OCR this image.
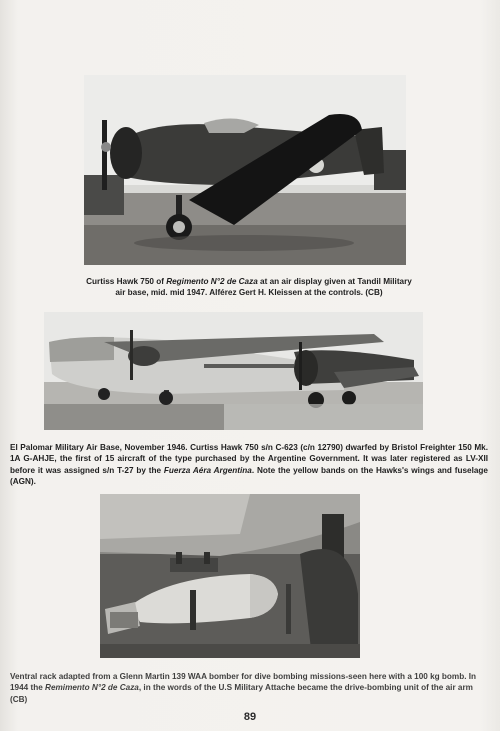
Curtiss Hawk 750 of Regimento N°2 de Caza at an air display given at Tandil Military air base, mid. mid 1947. Alférez Gert H. Kleissen at the controls. (CB)

El Palomar Military Air Base, November 1946. Curtiss Hawk 750 s/n C-623 (c/n 12790) dwarfed by Bristol Freighter 150 Mk. 1A G-AHJE, the first of 15 aircraft of the type purchased by the Argentine Government. It was later registered as LV-XII before it was assigned s/n T-27 by the Fuerza Aéra Argentina. Note the yellow bands on the Hawks's wings and fuselage (AGN).

Ventral rack adapted from a Glenn Martin 139 WAA bomber for dive bombing missions-seen here with a 100 kg bomb. In 1944 the Remimento N°2 de Caza, in the words of the U.S Military Attache became the drive-bombing unit of the air arm (CB)

89
